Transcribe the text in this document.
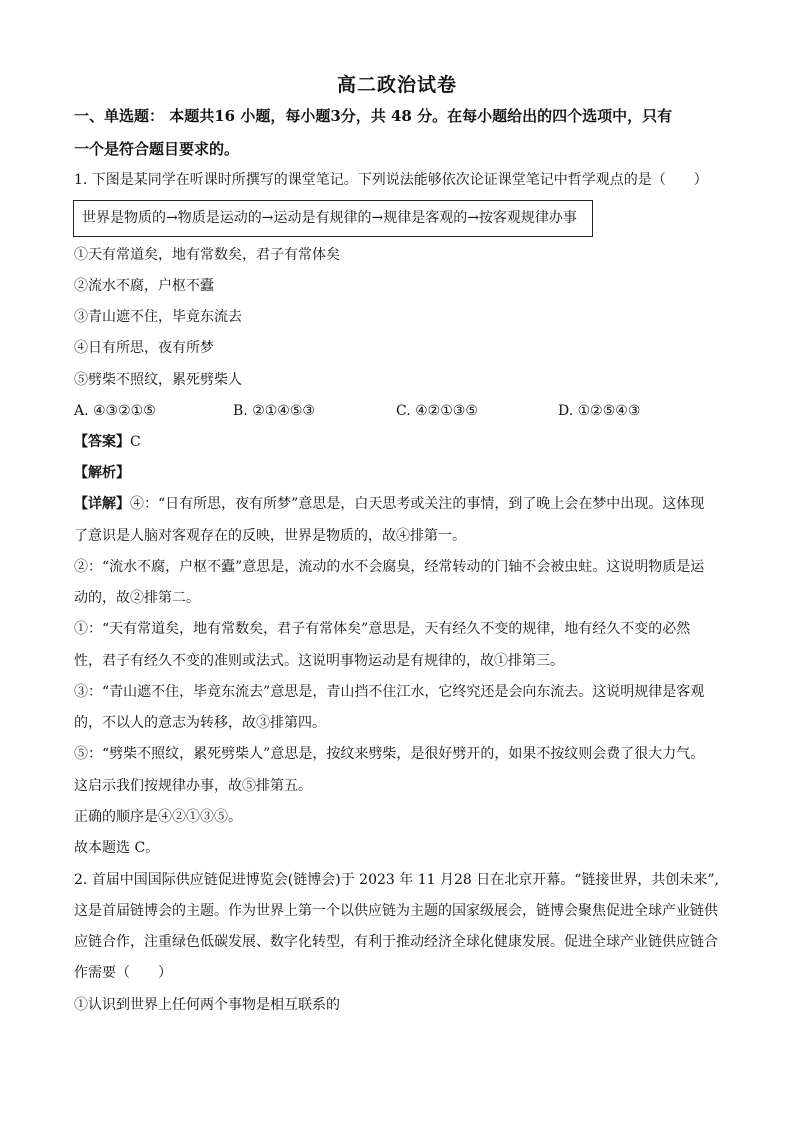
高二政治试卷
一、单选题： 本题共16 小题，每小题3分，共 48 分。在每小题给出的四个选项中，只有
一个是符合题目要求的。
1. 下图是某同学在听课时所撰写的课堂笔记。下列说法能够依次论证课堂笔记中哲学观点的是（　　）
世界是物质的→物质是运动的→运动是有规律的→规律是客观的→按客观规律办事
①天有常道矣，地有常数矣，君子有常体矣
②流水不腐，户枢不蠹
③青山遮不住，毕竟东流去
④日有所思，夜有所梦
⑤劈柴不照纹，累死劈柴人
A. ④③②①⑤	B. ②①④⑤③	C. ④②①③⑤	D. ①②⑤④③
【答案】C
【解析】
【详解】④：“日有所思，夜有所梦”意思是，白天思考或关注的事情，到了晚上会在梦中出现。这体现
了意识是人脑对客观存在的反映，世界是物质的，故④排第一。
②：“流水不腐，户枢不蠹”意思是，流动的水不会腐臭，经常转动的门轴不会被虫蛀。这说明物质是运
动的，故②排第二。
①：“天有常道矣，地有常数矣，君子有常体矣”意思是，天有经久不变的规律，地有经久不变的必然
性，君子有经久不变的准则或法式。这说明事物运动是有规律的，故①排第三。
③：“青山遮不住，毕竟东流去”意思是，青山挡不住江水，它终究还是会向东流去。这说明规律是客观
的，不以人的意志为转移，故③排第四。
⑤：“劈柴不照纹，累死劈柴人”意思是，按纹来劈柴，是很好劈开的，如果不按纹则会费了很大力气。
这启示我们按规律办事，故⑤排第五。
正确的顺序是④②①③⑤。
故本题选 C。
2. 首届中国国际供应链促进博览会(链博会)于 2023 年 11 月28 日在北京开幕。“链接世界，共创未来”,
这是首届链博会的主题。作为世界上第一个以供应链为主题的国家级展会，链博会聚焦促进全球产业链供
应链合作，注重绿色低碳发展、数字化转型，有利于推动经济全球化健康发展。促进全球产业链供应链合
作需要（　　）
①认识到世界上任何两个事物是相互联系的
